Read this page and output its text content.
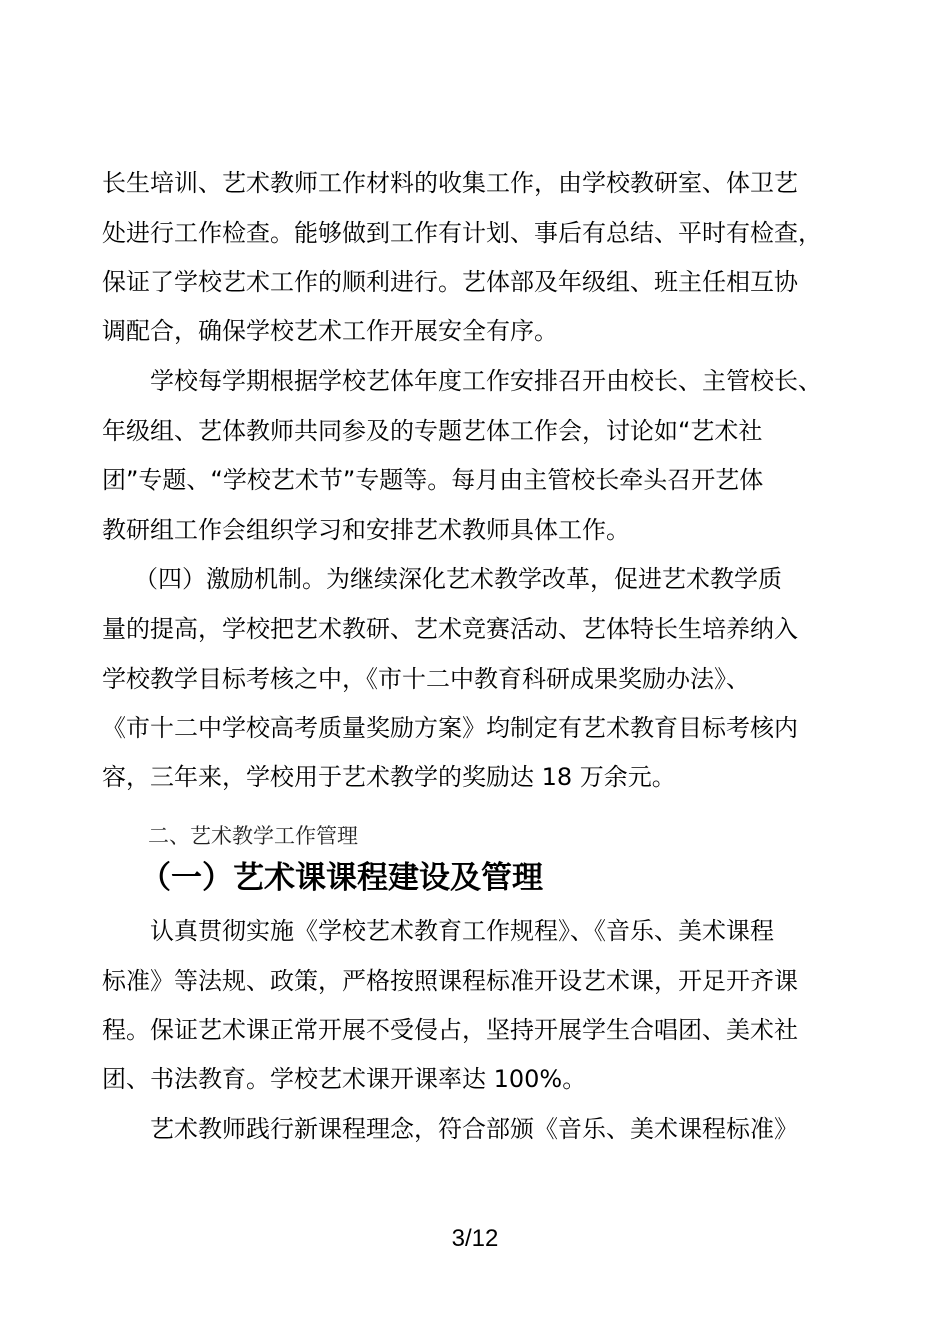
长生培训、艺术教师工作材料的收集工作，由学校教研室、体卫艺
处进行工作检查。能够做到工作有计划、事后有总结、平时有检查，
保证了学校艺术工作的顺利进行。艺体部及年级组、班主任相互协
调配合，确保学校艺术工作开展安全有序。
学校每学期根据学校艺体年度工作安排召开由校长、主管校长、
年级组、艺体教师共同参及的专题艺体工作会，讨论如“艺术社
团”专题、“学校艺术节”专题等。每月由主管校长牵头召开艺体
教研组工作会组织学习和安排艺术教师具体工作。
（四）激励机制。为继续深化艺术教学改革，促进艺术教学质
量的提高，学校把艺术教研、艺术竞赛活动、艺体特长生培养纳入
学校教学目标考核之中，《市十二中教育科研成果奖励办法》、
《市十二中学校高考质量奖励方案》均制定有艺术教育目标考核内
容，三年来，学校用于艺术教学的奖励达 18 万余元。
二、艺术教学工作管理
（一）艺术课课程建设及管理
认真贯彻实施《学校艺术教育工作规程》、《音乐、美术课程
标准》等法规、政策，严格按照课程标准开设艺术课，开足开齐课
程。保证艺术课正常开展不受侵占，坚持开展学生合唱团、美术社
团、书法教育。学校艺术课开课率达 100%。
艺术教师践行新课程理念，符合部颁《音乐、美术课程标准》
3/12
